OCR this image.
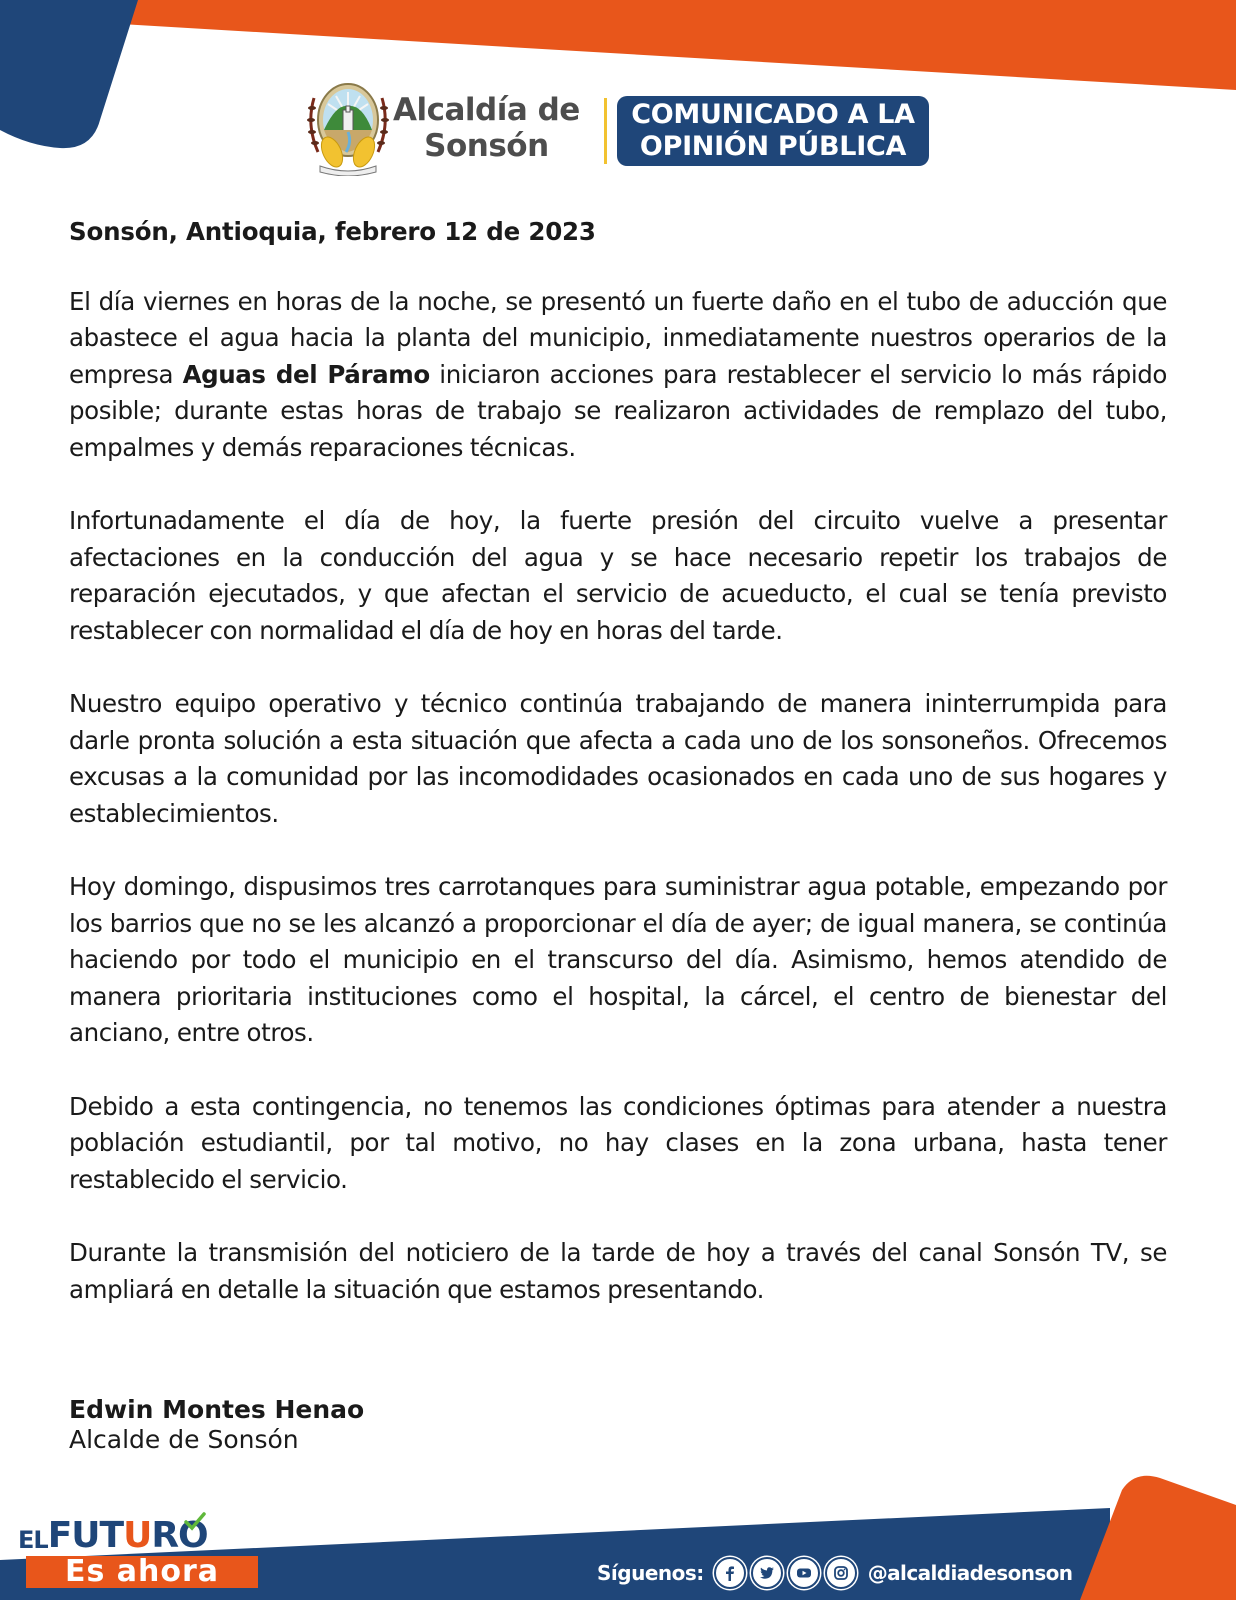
Alcaldía de
Sonsón
COMUNICADO A LA
OPINIÓN PÚBLICA
Sonsón, Antioquia, febrero 12 de 2023

El día viernes en horas de la noche, se presentó un fuerte daño en el tubo de aducción que abastece el agua hacia la planta del municipio, inmediatamente nuestros operarios de la empresa Aguas del Páramo iniciaron acciones para restablecer el servicio lo más rápido posible; durante estas horas de trabajo se realizaron actividades de remplazo del tubo, empalmes y demás reparaciones técnicas.

Infortunadamente el día de hoy, la fuerte presión del circuito vuelve a presentar afectaciones en la conducción del agua y se hace necesario repetir los trabajos de reparación ejecutados, y que afectan el servicio de acueducto, el cual se tenía previsto restablecer con normalidad el día de hoy en horas del tarde.

Nuestro equipo operativo y técnico continúa trabajando de manera ininterrumpida para darle pronta solución a esta situación que afecta a cada uno de los sonsoneños. Ofrecemos excusas a la comunidad por las incomodidades ocasionados en cada uno de sus hogares y establecimientos.

Hoy domingo, dispusimos tres carrotanques para suministrar agua potable, empezando por los barrios que no se les alcanzó a proporcionar el día de ayer; de igual manera, se continúa haciendo por todo el municipio en el transcurso del día. Asimismo, hemos atendido de manera prioritaria instituciones como el hospital, la cárcel, el centro de bienestar del anciano, entre otros.

Debido a esta contingencia, no tenemos las condiciones óptimas para atender a nuestra población estudiantil, por tal motivo, no hay clases en la zona urbana, hasta tener restablecido el servicio.

Durante la transmisión del noticiero de la tarde de hoy a través del canal Sonsón TV, se ampliará en detalle la situación que estamos presentando.

Edwin Montes Henao
Alcalde de Sonsón
ELFUTURO
Es ahora	Síguenos:	@alcaldiadesonson
